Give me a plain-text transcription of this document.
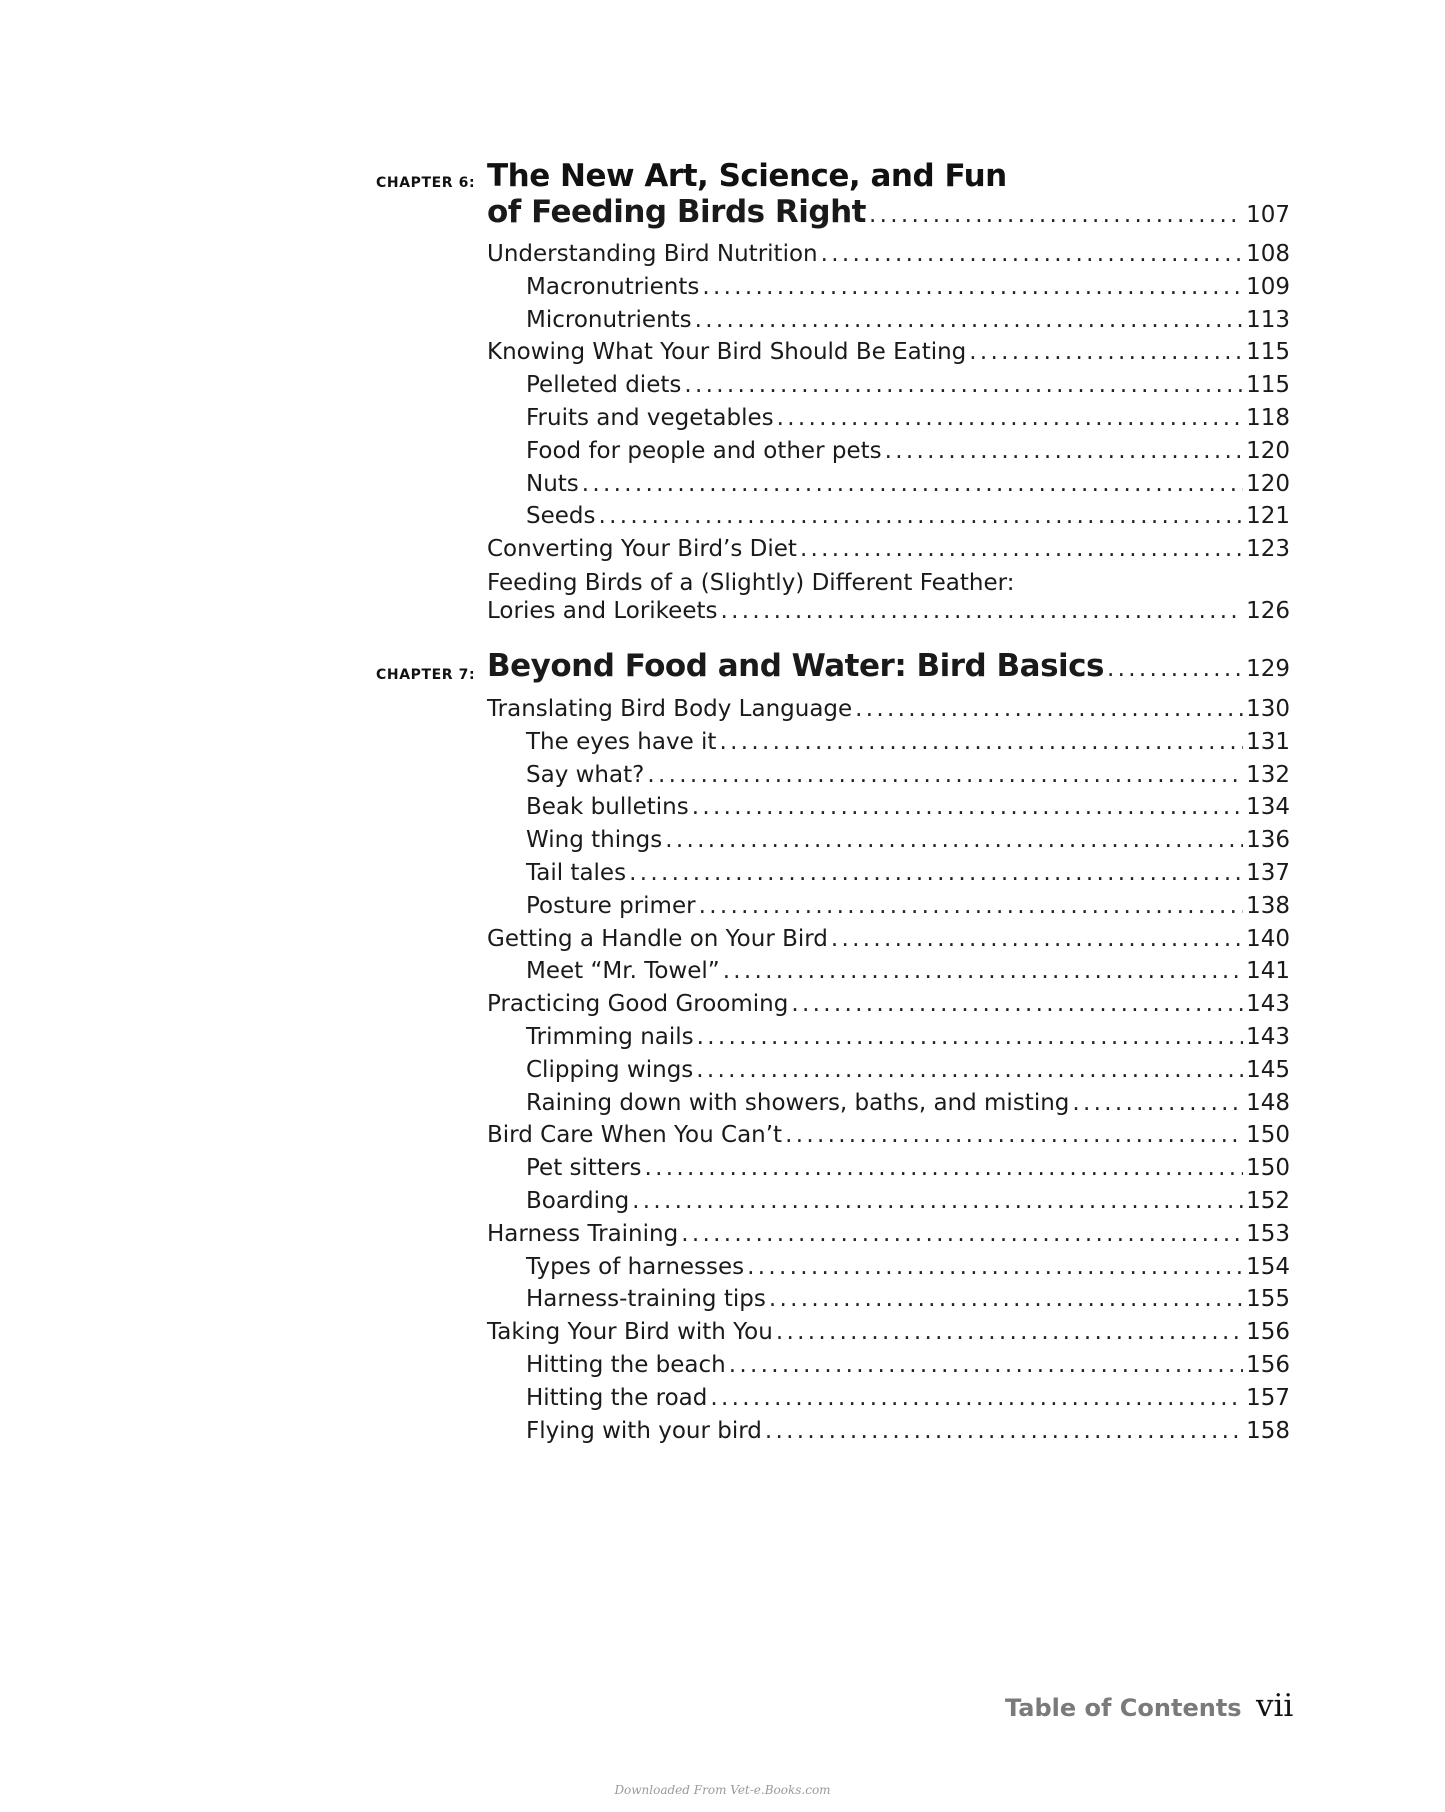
CHAPTER 6: The New Art, Science, and Fun
of Feeding Birds Right . . .	107
Understanding Bird Nutrition . . .	108
Macronutrients . . .	109
Micronutrients . . .	113
Knowing What Your Bird Should Be Eating . . .	115
Pelleted diets . . .	115
Fruits and vegetables . . .	118
Food for people and other pets . . .	120
Nuts . . .	120
Seeds . . .	121
Converting Your Bird’s Diet . . .	123
Feeding Birds of a (Slightly) Different Feather:
Lories and Lorikeets . . .	126
CHAPTER 7: Beyond Food and Water: Bird Basics . . .	129
Translating Bird Body Language . . .	130
The eyes have it . . .	131
Say what? . . .	132
Beak bulletins . . .	134
Wing things . . .	136
Tail tales . . .	137
Posture primer . . .	138
Getting a Handle on Your Bird . . .	140
Meet “Mr. Towel” . . .	141
Practicing Good Grooming . . .	143
Trimming nails . . .	143
Clipping wings . . .	145
Raining down with showers, baths, and misting . . .	148
Bird Care When You Can’t . . .	150
Pet sitters . . .	150
Boarding . . .	152
Harness Training . . .	153
Types of harnesses . . .	154
Harness-training tips . . .	155
Taking Your Bird with You . . .	156
Hitting the beach . . .	156
Hitting the road . . .	157
Flying with your bird . . .	158
Table of Contents vii
Downloaded From Vet-e.Books.com
